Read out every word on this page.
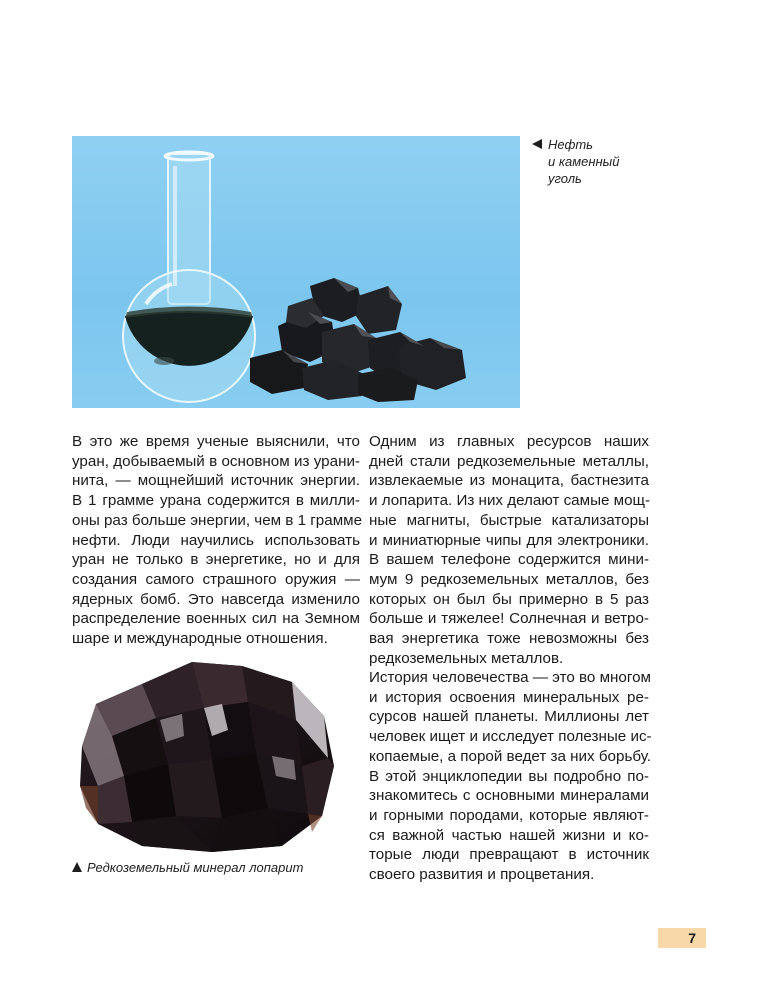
Нефть
и каменный
уголь
В это же время ученые выяснили, что
уран, добываемый в основном из урани-
нита, — мощнейший источник энергии.
В 1 грамме урана содержится в милли-
оны раз больше энергии, чем в 1 грамме
нефти. Люди научились использовать
уран не только в энергетике, но и для
создания самого страшного оружия —
ядерных бомб. Это навсегда изменило
распределение военных сил на Земном
шаре и международные отношения.
Одним из главных ресурсов наших
дней стали редкоземельные металлы,
извлекаемые из монацита, бастнезита
и лопарита. Из них делают самые мощ-
ные магниты, быстрые катализаторы
и миниатюрные чипы для электроники.
В вашем телефоне содержится мини-
мум 9 редкоземельных металлов, без
которых он был бы примерно в 5 раз
больше и тяжелее! Солнечная и ветро-
вая энергетика тоже невозможны без
редкоземельных металлов.
История человечества — это во многом
и история освоения минеральных ре-
сурсов нашей планеты. Миллионы лет
человек ищет и исследует полезные ис-
копаемые, а порой ведет за них борьбу.
В этой энциклопедии вы подробно по-
знакомитесь с основными минералами
и горными породами, которые являют-
ся важной частью нашей жизни и ко-
торые люди превращают в источник
своего развития и процветания.
Редкоземельный минерал лопарит
7
